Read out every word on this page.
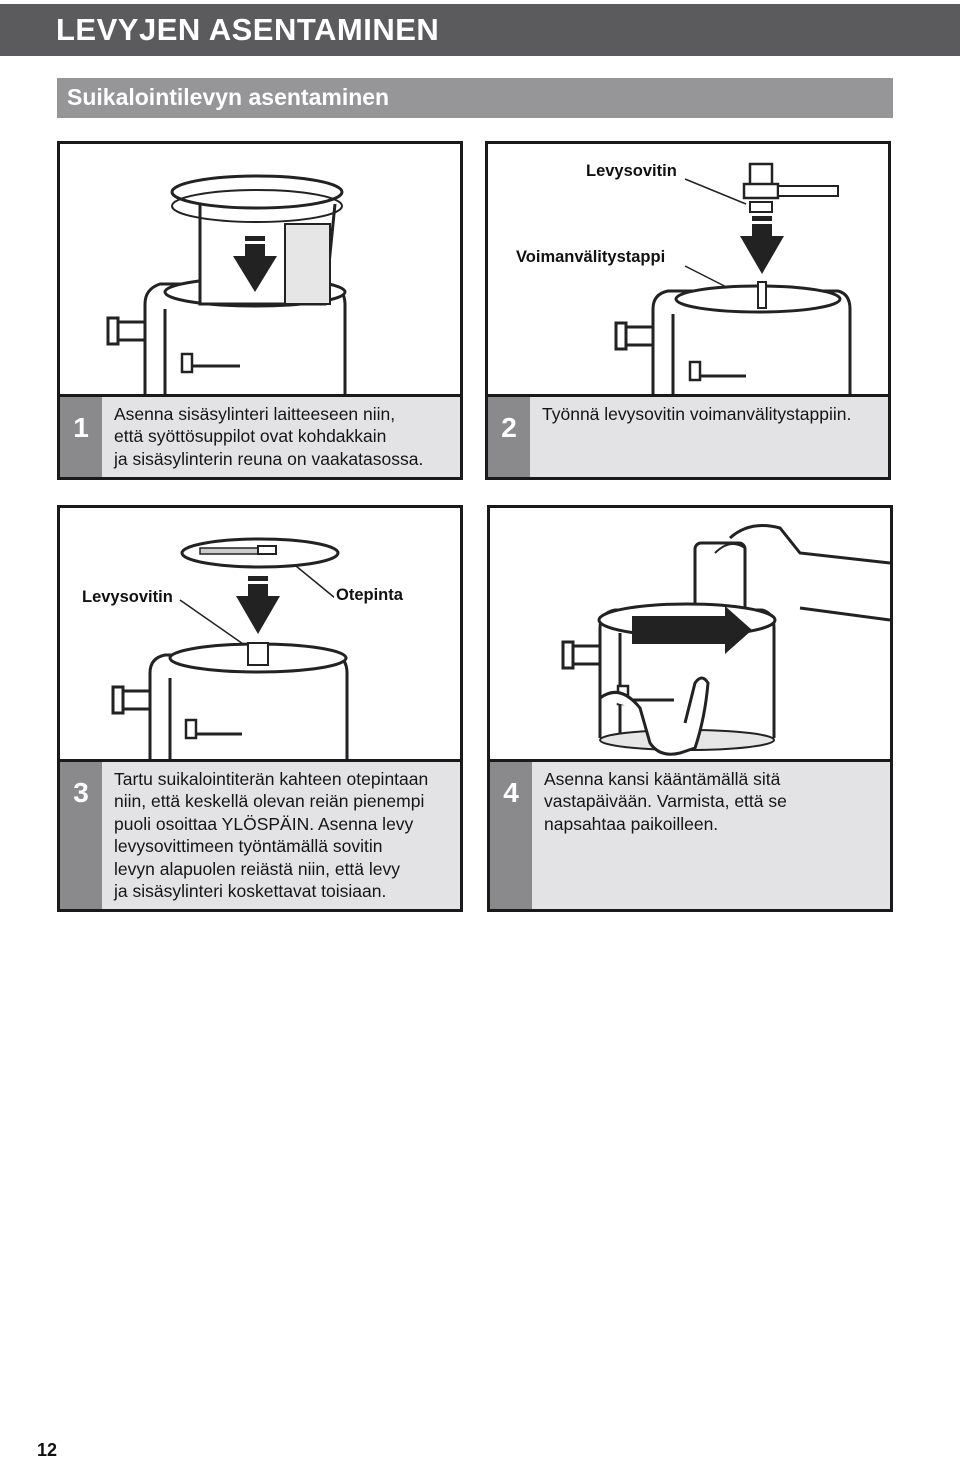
LEVYJEN ASENTAMINEN
Suikalointilevyn asentaminen
1	Asenna sisäsylinteri laitteeseen niin,
että syöttösuppilot ovat kohdakkain
ja sisäsylinterin reuna on vaakatasossa.
Levysovitin
Voimanvälitystappi
2	Työnnä levysovitin voimanvälitystappiin.
Levysovitin	Otepinta
3	Tartu suikalointiterän kahteen otepintaan
niin, että keskellä olevan reiän pienempi
puoli osoittaa YLÖSPÄIN. Asenna levy
levysovittimeen työntämällä sovitin
levyn alapuolen reiästä niin, että levy
ja sisäsylinteri koskettavat toisiaan.
4	Asenna kansi kääntämällä sitä
vastapäivään. Varmista, että se
napsahtaa paikoilleen.
12
